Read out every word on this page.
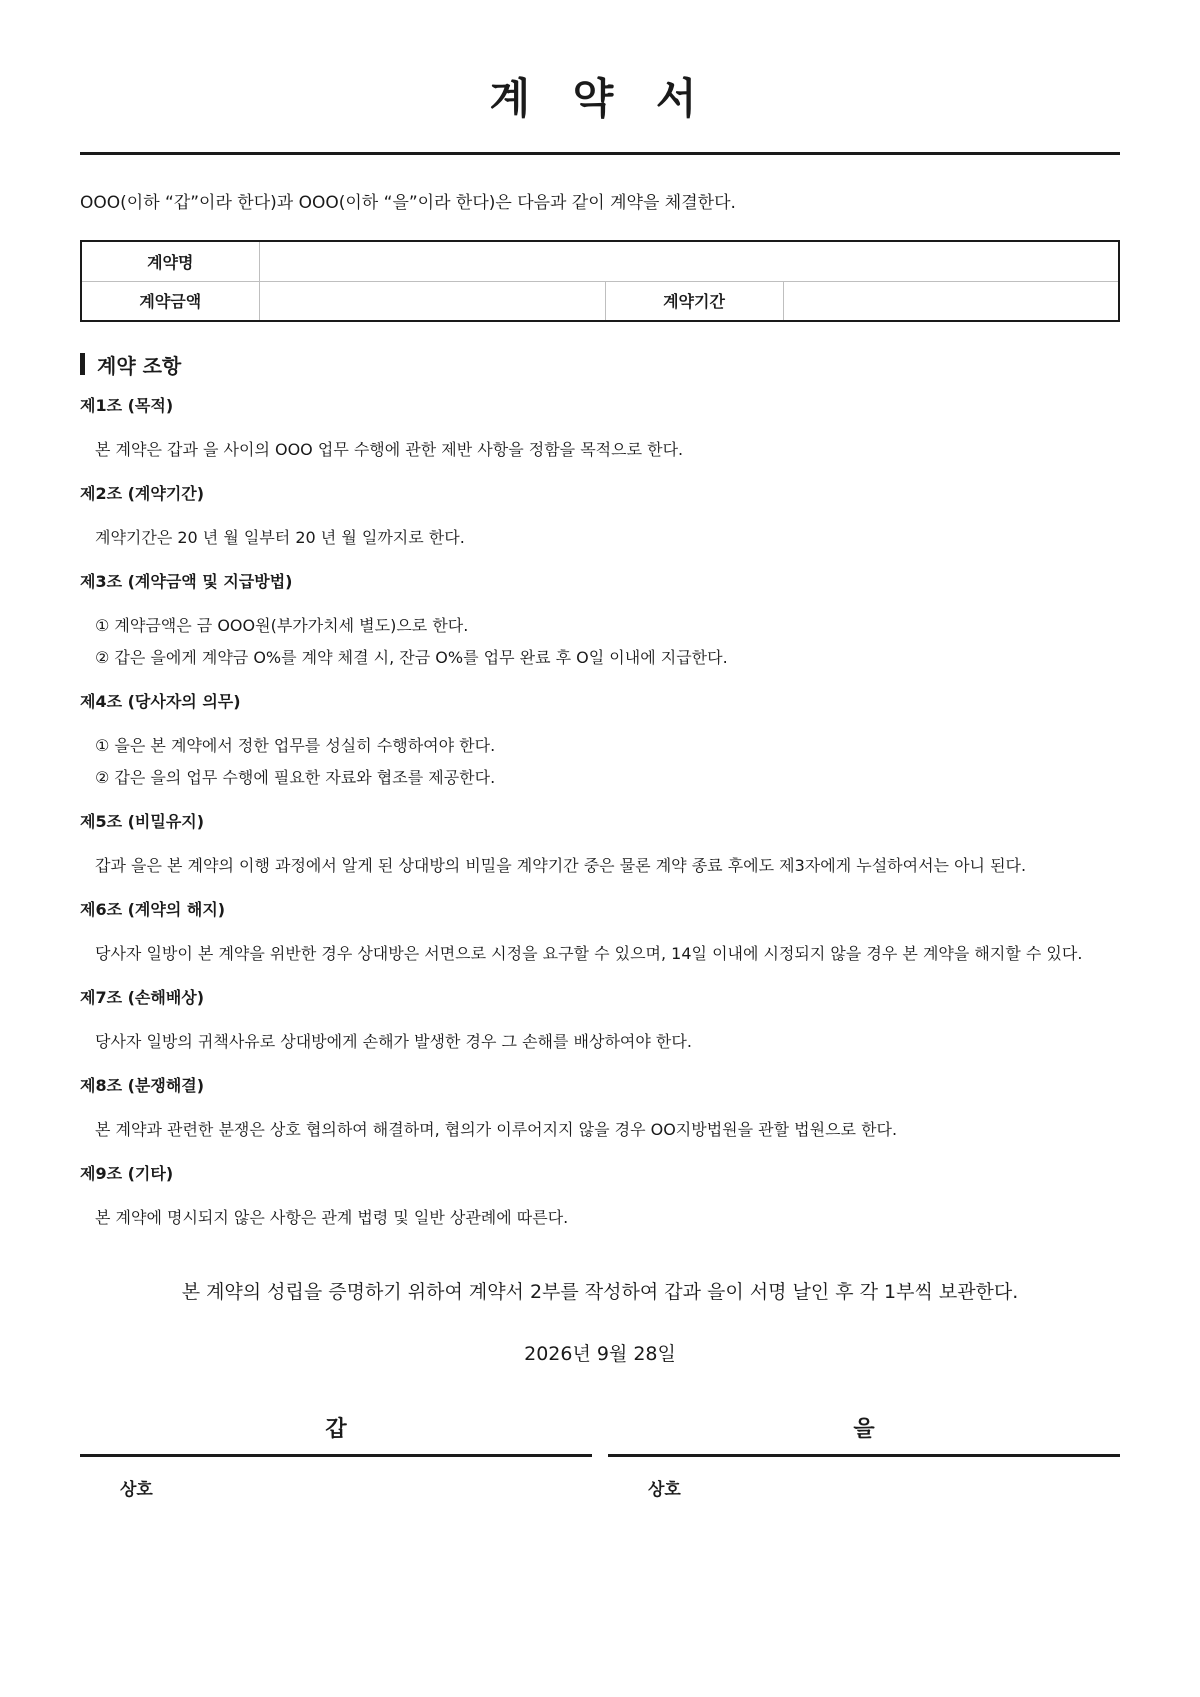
계 약 서

OOO(이하 “갑”이라 한다)과 OOO(이하 “을”이라 한다)은 다음과 같이 계약을 체결한다.

계약명			
계약금액		계약기간	
계약 조항
제1조 (목적)
본 계약은 갑과 을 사이의 OOO 업무 수행에 관한 제반 사항을 정함을 목적으로 한다.
제2조 (계약기간)
계약기간은 20 년 월 일부터 20 년 월 일까지로 한다.
제3조 (계약금액 및 지급방법)
① 계약금액은 금 OOO원(부가가치세 별도)으로 한다.
② 갑은 을에게 계약금 O%를 계약 체결 시, 잔금 O%를 업무 완료 후 O일 이내에 지급한다.
제4조 (당사자의 의무)
① 을은 본 계약에서 정한 업무를 성실히 수행하여야 한다.
② 갑은 을의 업무 수행에 필요한 자료와 협조를 제공한다.
제5조 (비밀유지)
갑과 을은 본 계약의 이행 과정에서 알게 된 상대방의 비밀을 계약기간 중은 물론 계약 종료 후에도 제3자에게 누설하여서는 아니 된다.
제6조 (계약의 해지)
당사자 일방이 본 계약을 위반한 경우 상대방은 서면으로 시정을 요구할 수 있으며, 14일 이내에 시정되지 않을 경우 본 계약을 해지할 수 있다.
제7조 (손해배상)
당사자 일방의 귀책사유로 상대방에게 손해가 발생한 경우 그 손해를 배상하여야 한다.
제8조 (분쟁해결)
본 계약과 관련한 분쟁은 상호 협의하여 해결하며, 협의가 이루어지지 않을 경우 OO지방법원을 관할 법원으로 한다.
제9조 (기타)
본 계약에 명시되지 않은 사항은 관계 법령 및 일반 상관례에 따른다.
본 계약의 성립을 증명하기 위하여 계약서 2부를 작성하여 갑과 을이 서명 날인 후 각 1부씩 보관한다.
2026년 9월 28일
갑
상호
을
상호
